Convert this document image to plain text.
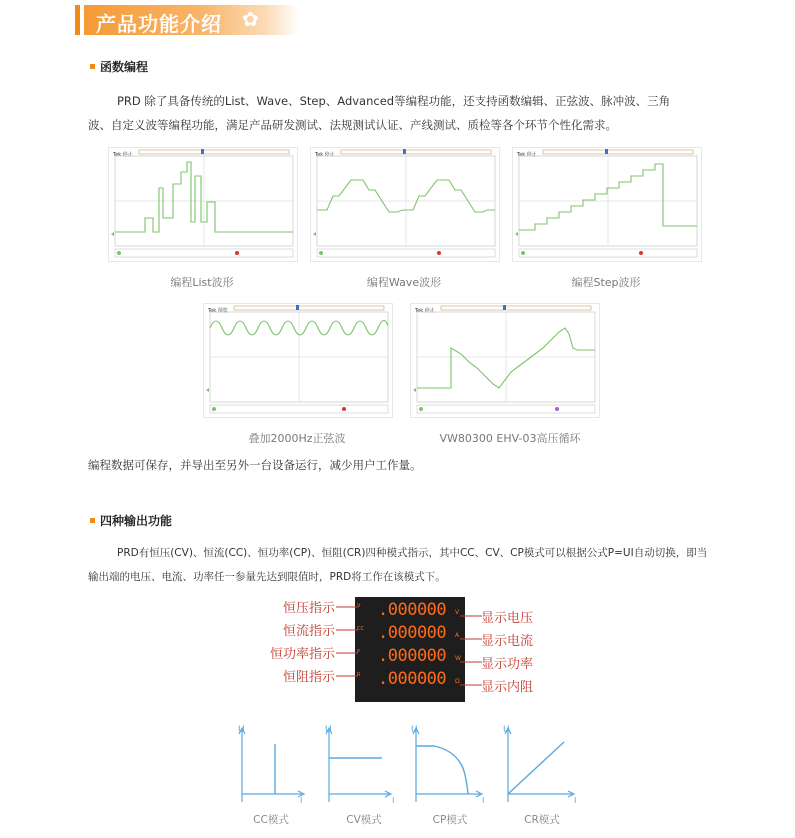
产品功能介绍 ✿
函数编程
PRD 除了具备传统的List、Wave、Step、Advanced等编程功能，还支持函数编辑、正弦波、脉冲波、三角
波、自定义波等编程功能，满足产品研发测试、法规测试认证、产线测试、质检等各个环节个性化需求。
Tek 停止	Tek 停止	Tek 停止
编程List波形	编程Wave波形	编程Step波形
Tek 预览	Tek 停止
叠加2000Hz正弦波	VW80300 EHV-03高压循环
编程数据可保存，并导出至另外一台设备运行，减少用户工作量。
四种输出功能
PRD有恒压(CV)、恒流(CC)、恒功率(CP)、恒阻(CR)四种模式指示，其中CC、CV、CP模式可以根据公式P=UI自动切换，即当
输出端的电压、电流、功率任一参量先达到限值时，PRD将工作在该模式下。
恒压指示
恒流指示
恒功率指示
恒阻指示
V
CC
P
R
.000000
.000000
.000000
.000000
V
A
W
Ω
显示电压
显示电流
显示功率
显示内阻
U
I
U
I
U
I
U
I
CC模式	CV模式	CP模式	CR模式
